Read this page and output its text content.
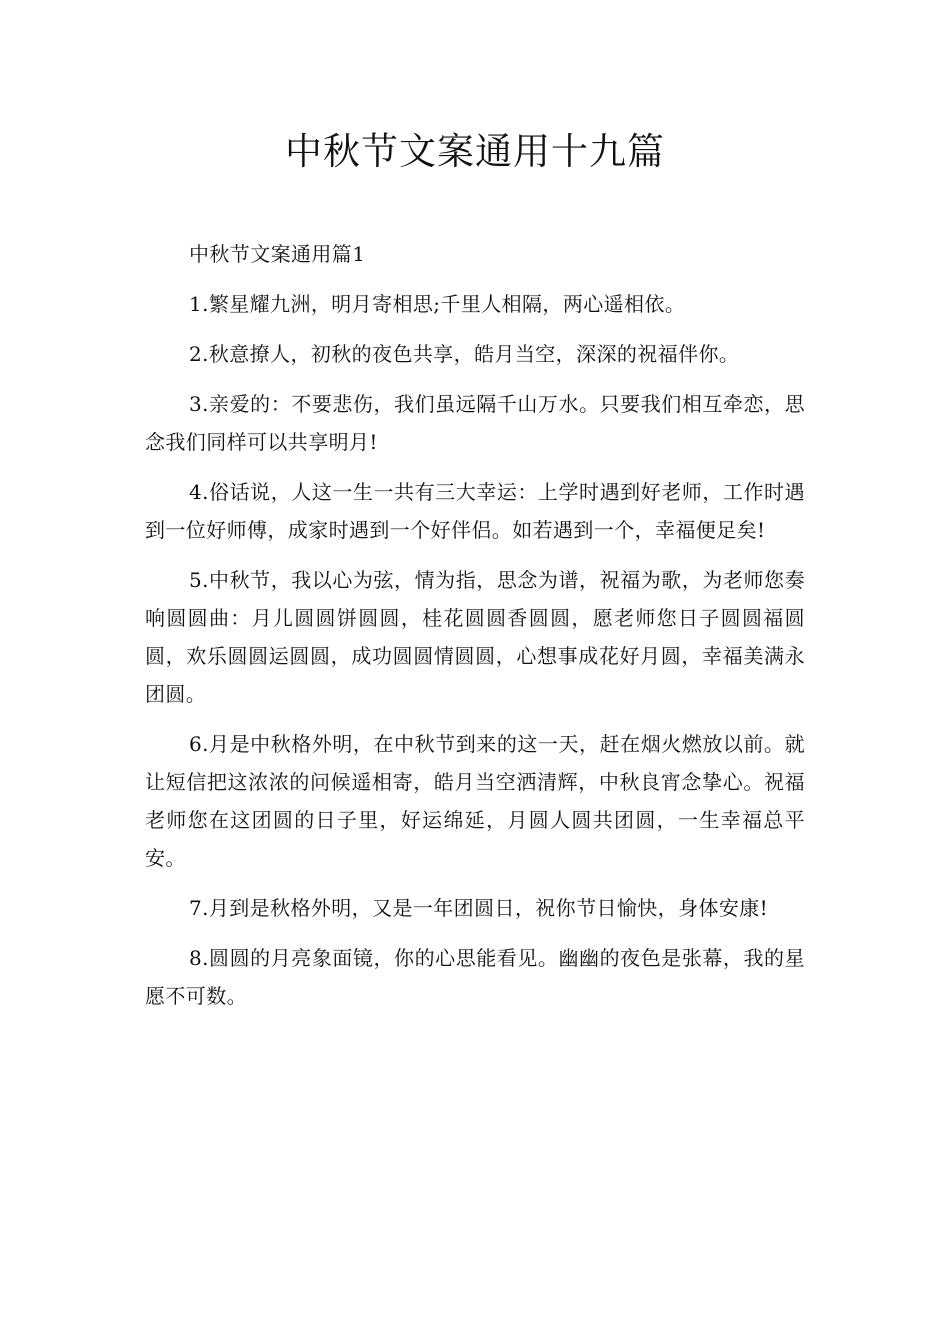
中秋节文案通用十九篇

中秋节文案通用篇1

1.繁星耀九洲，明月寄相思;千里人相隔，两心遥相依。

2.秋意撩人，初秋的夜色共享，皓月当空，深深的祝福伴你。

3.亲爱的：不要悲伤，我们虽远隔千山万水。只要我们相互牵恋，思念我们同样可以共享明月!

4.俗话说，人这一生一共有三大幸运：上学时遇到好老师，工作时遇到一位好师傅，成家时遇到一个好伴侣。如若遇到一个，幸福便足矣!

5.中秋节，我以心为弦，情为指，思念为谱，祝福为歌，为老师您奏响圆圆曲：月儿圆圆饼圆圆，桂花圆圆香圆圆，愿老师您日子圆圆福圆圆，欢乐圆圆运圆圆，成功圆圆情圆圆，心想事成花好月圆，幸福美满永团圆。

6.月是中秋格外明，在中秋节到来的这一天，赶在烟火燃放以前。就让短信把这浓浓的问候遥相寄，皓月当空洒清辉，中秋良宵念挚心。祝福老师您在这团圆的日子里，好运绵延，月圆人圆共团圆，一生幸福总平安。

7.月到是秋格外明，又是一年团圆日，祝你节日愉快，身体安康!

8.圆圆的月亮象面镜，你的心思能看见。幽幽的夜色是张幕，我的星愿不可数。
